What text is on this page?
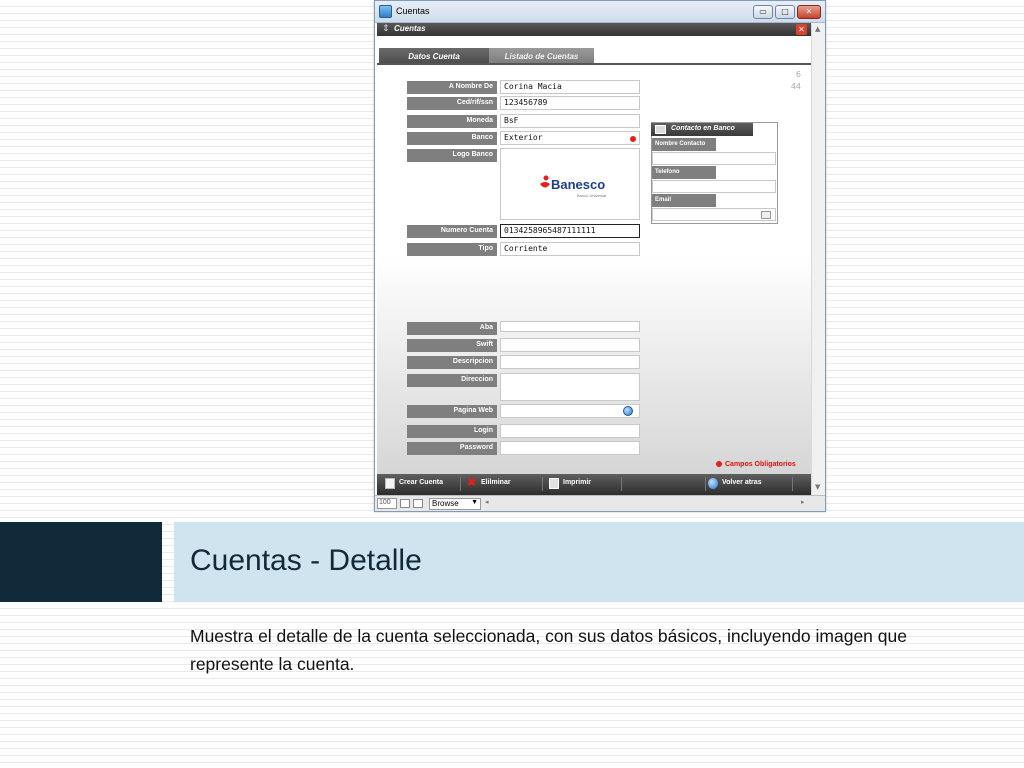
Cuentas	▭	□	✕
⇕ Cuentas	✕	▲
▼
Datos Cuenta	Listado de Cuentas
6
44
A Nombre De	Corina Macia
Ced/rif/ssn	123456789
Moneda	BsF
Banco	Exterior
Logo Banco
Banesco
Banco Universal
Numero Cuenta	0134258965487111111
Tipo	Corriente
Aba
Swift
Descripcion
Direccion
Pagina Web
Login
Password
Nombre Contacto
Telefono
Email
Contacto en Banco
Campos Obligatorios
Crear Cuenta	✖ Elilminar	Imprimir	Volver atras
100	Browse ▼ ◂	▸
Cuentas - Detalle
Muestra el detalle de la cuenta seleccionada, con sus datos básicos, incluyendo imagen que represente la cuenta.
